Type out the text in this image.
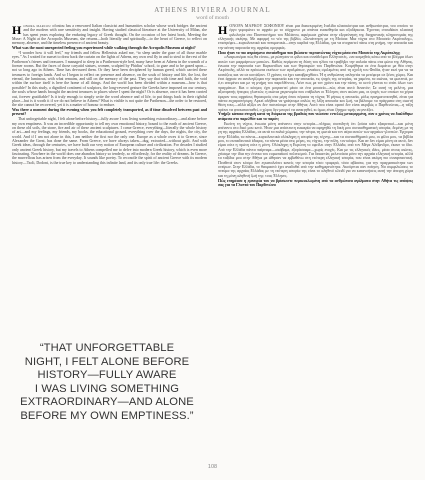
ATHENS RIVIERA JOURNAL
word of mouth

Honora marcou ofoniou has a renowned Italian classicist and humanities scholar whose work bridges the ancient and the modern with rare sensitivity and insight. Having studied classical literature at the University of Milan, she has spent years exploring the enduring legacy of Greek thought. On the occasion of her latest book, Meeting the Muse: A Night at the Acropolis Museum, she returns—both literally and spiritually—to the heart of Greece, to reflect on memory, absence, and the timeless presence of ancient beauty.

What was the most unexpected feeling you experienced while walking through the Acropolis Museum at night?

“I wonder how it will feel,” my friends and fellow Hellenists asked me, “to sleep under the gaze of all those marble eyes.” As I waited for sunset to draw back the curtain on the lights of Athens, my own real fly in and to steal to the rest of the Parthenon’s friezes and treasures. I managed to sleep in a Parthenon-style bed, many have been at Athens in the warmth of a former rooms. But the faces of those caryatid statues, women, sculpted by Phidias’ school, to gaze and to be gazed upon—not so long ago in Athens. Time has devoured them. Or they have been deciphered by human greed, which carried these treasures to foreign lands. And so I began to reflect on presence and absence, on the souls of history and life, the lost, the eternal, the luminous, with what remains, and still on the memory of the past. They say that with time and faith, the void within the surface itself is here the home of all things. And the world has been divided within a museum—how is that possible? In this study, a dignified continent of sculptors, the long-revered gesture the Greeks have imposed on our century, the souls whose hands brought the ancient treasures to places where I spent the night? Or is absence, once it has been carried out, forever gratifiable? Is it truly enough to simply write the word absence and of life, to put things back in their rightful place—but is it worth it if we do not believe in Athens? What is visible is not quite the Parthenon—the order to be restored, the site cannot be recovered, yet it is a matter of honour to endure.

Was there a moment during the evening when you felt completely transported, as if time dissolved between past and present?

That unforgettable night, I felt alone before history—fully aware I was living something extraordinary—and alone before my own emptiness. It was an incredible opportunity to tell my own emotional history, bound to the earth of ancient Greece, on these old soils, the stone, fire and air of these ancient sculptures. I come Greece, everything—literally the whole history of art—and my feelings, my friends, my books, the educational ground, everything over the days, the nights, the city, the world. And if I am not alone in this, I am neither the first nor the only one. Europe as a whole owes it to Greece, since Alexander the Great, has done the same. From Greece, we have always taken—dug, extracted—without guilt. And with Greek ideas, through the centuries, we have built our very notion of European culture and civilization. For decades I studied only ancient Greek history, but my travels to Athens compelled me to delve into modern Greek history, which is even more fascinating. Nowhere in the world does one abandon history so tenderly, so effortlessly, for the reality of dreams. In Greece, the marvellous has arisen from the everyday. It sounds like poetry. To reconcile the spirit of ancient Greece with its modern history—Tsoli, Dodoni, is the true key to understanding this infinite land, and its only true life: the Greeks.

“THAT UNFORGETTABLE
NIGHT, I FELT ALONE BEFORE
HISTORY—FULLY AWARE
I WAS LIVING SOMETHING
EXTRAORDINARY—AND ALONE
BEFORE MY OWN EMPTINESS.”

HΟΝΟΡΑ ΜΑΡΚΟΥ ΣΟΦΟΝΙΟΥ είναι μια διακεκριμένη Ιταλίδα κλασικίστρια και ανθρωπίστρια, του οποίου το έργο γεφυρώνει το αρχαίο με το σύγχρονο με σπάνια ευαισθησία και οξυδέρκεια. Έχοντας σπουδάσει κλασική φιλολογία στο Πανεπιστήμιο του Μιλάνου, αφιέρωσε χρόνια στην εξερεύνηση της διαχρονικής κληρονομιάς της ελληνικής σκέψης. Με αφορμή το νέο της βιβλίο, «Συνάντηση με τη Μούσα: Μια νύχτα στο Μουσείο Ακρόπολης», επιστρέφει—κυριολεκτικά και πνευματικά—στην καρδιά της Ελλάδας, για να στοχαστεί πάνω στη μνήμη, την απουσία και την αέναη παρουσία της αρχαίας ομορφιάς.

Ποιο ήταν το πιο απρόσμενο συναίσθημα που βιώσατε περπατώντας νύχτα μέσα στο Μουσείο της Ακρόπολης;

«Αναρωτιέμαι πώς θα είναι», με ρώτησαν οι φίλοι και συνάδελφοι Ελληνιστές, «να κοιμηθείς κάτω από το βλέμμα όλων αυτών των μαρμάρινων ματιών». Καθώς περίμενα τη δύση του ηλίου να τραβήξει την αυλαία πάνω στα φώτα της Αθήνας, ένιωσα την παρουσία των Καρυατίδων και των θησαυρών του Παρθενώνα. Κοιμήθηκα σε ένα δωμάτιο με θέα στην Ακρόπολη, αλλά τα πρόσωπα εκείνων των αγαλμάτων, γυναίκες σμιλεμένες από τη σχολή του Φειδία, ήταν εκεί για να τα κοιτάζεις και να σε κοιτάζουν. Ο χρόνος τα έχει καταβροχθίσει. Ή η ανθρώπινη απληστία τα μετέφερε σε ξένες χώρες. Και έτσι άρχισα να αναλογίζομαι την παρουσία και την απουσία, τις ψυχές της ιστορίας, τα χαμένα, τα αιώνια, τα φωτεινά, με ό,τι απομένει και με τη μνήμη του παρελθόντος. Λένε πως με τον χρόνο και την πίστη, το κενό γίνεται το σπίτι όλων των πραγμάτων. Και ο κόσμος έχει μοιραστεί μέσα σε ένα μουσείο—πώς είναι αυτό δυνατόν; Σε αυτή τη μελέτη, μια αξιοπρεπής ήπειρος γλυπτών, η αιώνια χειρονομία που επέβαλαν οι Έλληνες στον αιώνα μας, οι ψυχές των οποίων τα χέρια έφεραν τους αρχαίους θησαυρούς στα μέρη όπου πέρασα τη νύχτα; Ή μήπως η απουσία, μόλις πραγματοποιηθεί, είναι για πάντα ευχαριστήσιμη; Αρκεί αλήθεια να γράψουμε απλώς τη λέξη απουσία και ζωή, να βάλουμε τα πράγματα στη σωστή θέση τους—αλλά αξίζει αν δεν πιστεύουμε στην Αθήνα; Αυτό που είναι ορατό δεν είναι ακριβώς ο Παρθενώνας—η τάξη πρέπει να αποκατασταθεί, ο χώρος δεν μπορεί να ανακτηθεί, κι όμως είναι ζήτημα τιμής να αντέξει.

Υπήρξε κάποια στιγμή κατά τη διάρκεια της βραδιάς που νιώσατε εντελώς μεταφερμένη, σαν ο χρόνος να διαλύθηκε ανάμεσα στο παρελθόν και το παρόν;

Εκείνη τη νύχτα, ένιωσα μόνη απέναντι στην ιστορία—πλήρως συνειδητή ότι ζούσα κάτι εξαιρετικό—και μόνη απέναντι στο δικό μου κενό. Ήταν μια απίστευτη ευκαιρία να αφηγηθώ τη δική μου συναισθηματική ιστορία, δεμένη με τη γη της αρχαίας Ελλάδας, σε αυτά τα παλιά χώματα, την πέτρα, τη φωτιά και τον αέρα αυτών των αρχαίων γλυπτών. Έρχομαι στην Ελλάδα, τα πάντα—κυριολεκτικά ολόκληρη η ιστορία της τέχνης—και τα συναισθήματά μου, οι φίλοι μου, τα βιβλία μου, το εκπαιδευτικό έδαφος, τα πάντα μέσα στις μέρες, τις νύχτες, την πόλη, τον κόσμο. Και αν δεν είμαι μόνη σε αυτό, δεν είμαι ούτε η πρώτη ούτε η μόνη. Ολόκληρη η Ευρώπη το οφείλει στην Ελλάδα, από τον Μέγα Αλέξανδρο, έκανε το ίδιο. Από την Ελλάδα πάντα παίρναμε—σκάβαμε, εξορύσσαμε—χωρίς ενοχές. Και με τις ελληνικές ιδέες, μέσα στους αιώνες, χτίσαμε την ίδια την έννοια του ευρωπαϊκού πολιτισμού. Για δεκαετίες μελετούσα μόνο την αρχαία ελληνική ιστορία, αλλά τα ταξίδια μου στην Αθήνα με ώθησαν να εμβαθύνω στη νεότερη ελληνική ιστορία, που είναι ακόμη πιο συναρπαστική. Πουθενά στον κόσμο δεν εγκαταλείπει κανείς την ιστορία τόσο τρυφερά, τόσο αβίαστα, για την πραγματικότητα των ονείρων. Στην Ελλάδα, το θαυμαστό έχει αναδυθεί από την καθημερινότητα. Ακούγεται σαν ποίηση. Να συμφιλιώσεις το πνεύμα της αρχαίας Ελλάδας με τη νεότερη ιστορία της είναι το αληθινό κλειδί για να κατανοήσεις αυτή την άπειρη χώρα και τη μόνη αληθινή ζωή της: τους Έλληνες.

Πώς επηρέασε η εμπειρία του να βρίσκεστε περικυκλωμένη από τα ανθρώπινα αγάλματα στην Αθήνα τις απόψεις σας για τα Γλυπτά του Παρθενώνα

108
